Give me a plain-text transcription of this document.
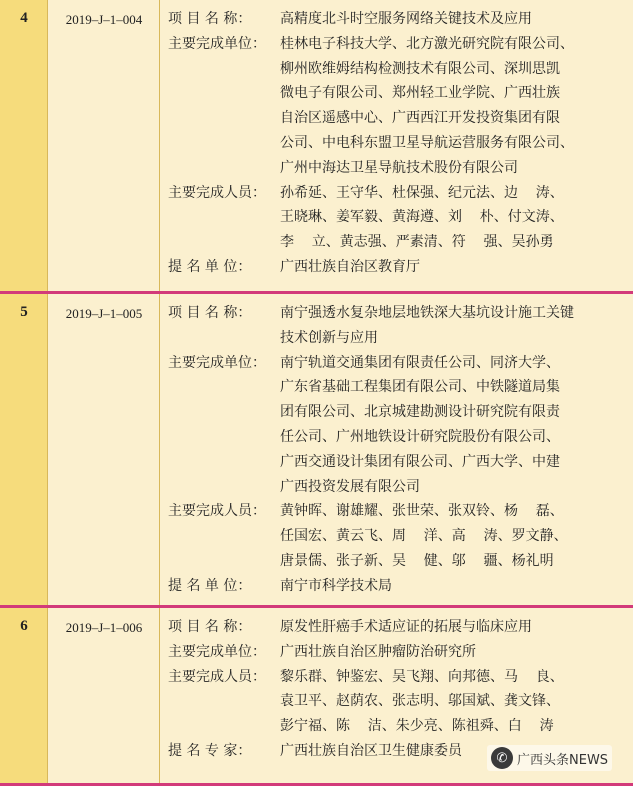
4	2019–J–1–004	项 目 名 称：	高精度北斗时空服务网络关键技术及应用
主要完成单位：	桂林电子科技大学、北方激光研究院有限公司、
柳州欧维姆结构检测技术有限公司、深圳思凯
微电子有限公司、郑州轻工业学院、广西壮族
自治区遥感中心、广西西江开发投资集团有限
公司、中电科东盟卫星导航运营服务有限公司、
广州中海达卫星导航技术股份有限公司
主要完成人员：	孙希延、王守华、杜保强、纪元法、边    涛、
王晓琳、姜军毅、黄海遵、刘    朴、付文涛、
李    立、黄志强、严素清、符    强、吴孙勇
提 名 单 位：	广西壮族自治区教育厅
5	2019–J–1–005	项 目 名 称：	南宁强透水复杂地层地铁深大基坑设计施工关键
技术创新与应用
主要完成单位：	南宁轨道交通集团有限责任公司、同济大学、
广东省基础工程集团有限公司、中铁隧道局集
团有限公司、北京城建勘测设计研究院有限责
任公司、广州地铁设计研究院股份有限公司、
广西交通设计集团有限公司、广西大学、中建
广西投资发展有限公司
主要完成人员：	黄钟晖、谢雄耀、张世荣、张双铃、杨    磊、
任国宏、黄云飞、周    洋、高    涛、罗文静、
唐景儒、张子新、吴    健、邬    疆、杨礼明
提 名 单 位：	南宁市科学技术局
6	2019–J–1–006	项 目 名 称：	原发性肝癌手术适应证的拓展与临床应用
主要完成单位：	广西壮族自治区肿瘤防治研究所
主要完成人员：	黎乐群、钟鉴宏、吴飞翔、向邦德、马    良、
袁卫平、赵荫农、张志明、邬国斌、龚文锋、
彭宁福、陈    洁、朱少亮、陈祖舜、白    涛
提 名 专 家：	广西壮族自治区卫生健康委员	✆ 广西头条NEWS
